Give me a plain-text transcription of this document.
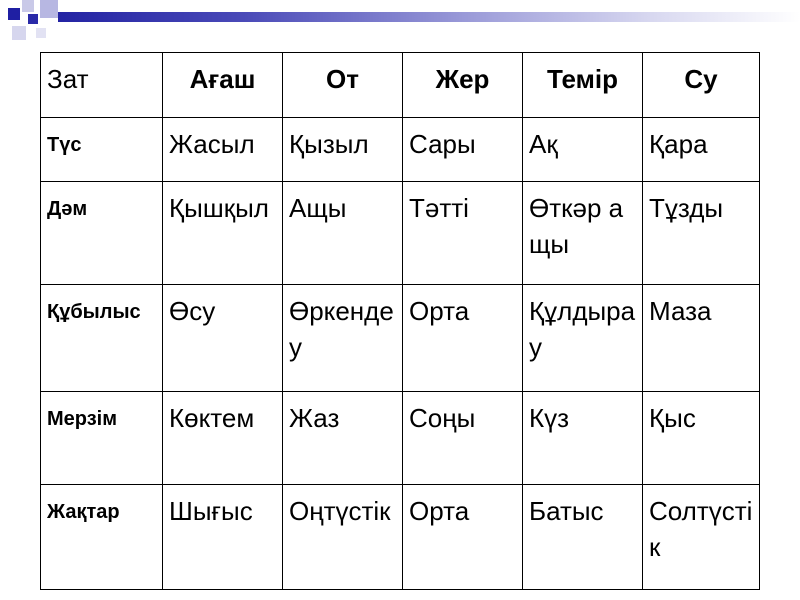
Зат	Ағаш	От	Жер	Темір	Су
Түс	Жасыл	Қызыл	Сары	Ақ	Қара
Дәм	Қышқыл	Ащы	Тәтті	Өткәр ащы	Тұзды
Құбылыс	Өсу	Өркендеу	Орта	Құлдырау	Маза
Мерзім	Көктем	Жаз	Соңы	Күз	Қыс
Жақтар	Шығыс	Оңтүстік	Орта	Батыс	Солтүстік
